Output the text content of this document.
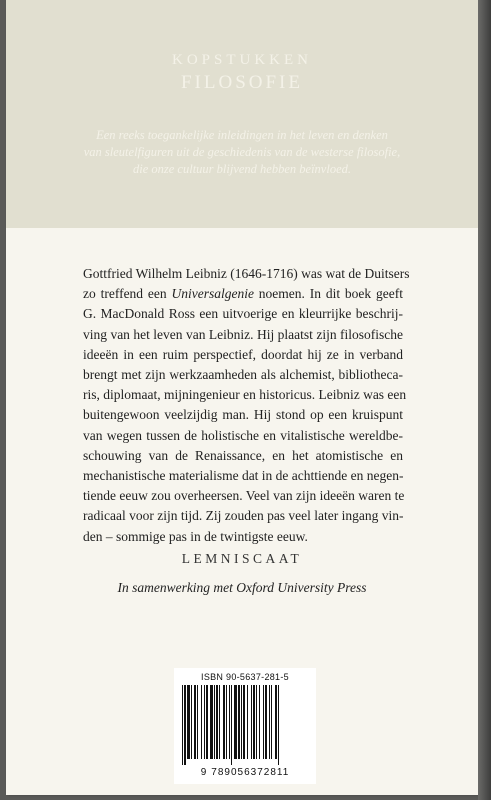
KOPSTUKKEN
FILOSOFIE
Een reeks toegankelijke inleidingen in het leven en denken
van sleutelfiguren uit de geschiedenis van de westerse filosofie,
die onze cultuur blijvend hebben beïnvloed.
Gottfried Wilhelm Leibniz (1646-1716) was wat de Duitsers
zo treffend een Universalgenie noemen. In dit boek geeft
G. MacDonald Ross een uitvoerige en kleurrijke beschrij-
ving van het leven van Leibniz. Hij plaatst zijn filosofische
ideeën in een ruim perspectief, doordat hij ze in verband
brengt met zijn werkzaamheden als alchemist, bibliotheca-
ris, diplomaat, mijningenieur en historicus. Leibniz was een
buitengewoon veelzijdig man. Hij stond op een kruispunt
van wegen tussen de holistische en vitalistische wereldbe-
schouwing van de Renaissance, en het atomistische en
mechanistische materialisme dat in de achttiende en negen-
tiende eeuw zou overheersen. Veel van zijn ideeën waren te
radicaal voor zijn tijd. Zij zouden pas veel later ingang vin-
den – sommige pas in de twintigste eeuw.
LEMNISCAAT
In samenwerking met Oxford University Press
ISBN 90-5637-281-5
9 789056372811
